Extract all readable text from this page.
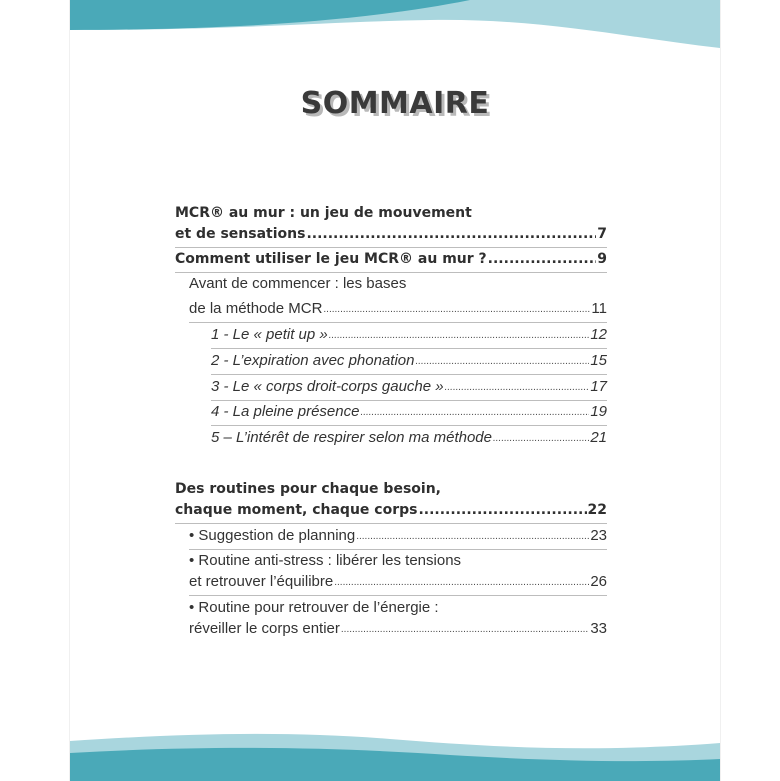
SOMMAIRE
MCR® au mur : un jeu de mouvement
et de sensations .....	7
Comment utiliser le jeu MCR® au mur ? .....	9
Avant de commencer : les bases
de la méthode MCR .....	11
1 - Le « petit up » .....	12
2 - L’expiration avec phonation .....	15
3 - Le « corps droit-corps gauche » .....	17
4 - La pleine présence .....	19
5 – L’intérêt de respirer selon ma méthode .....	21
Des routines pour chaque besoin,
chaque moment, chaque corps .....	22
• Suggestion de planning .....	23
• Routine anti-stress : libérer les tensions
et retrouver l’équilibre .....	26
• Routine pour retrouver de l’énergie :
réveiller le corps entier .....	33
